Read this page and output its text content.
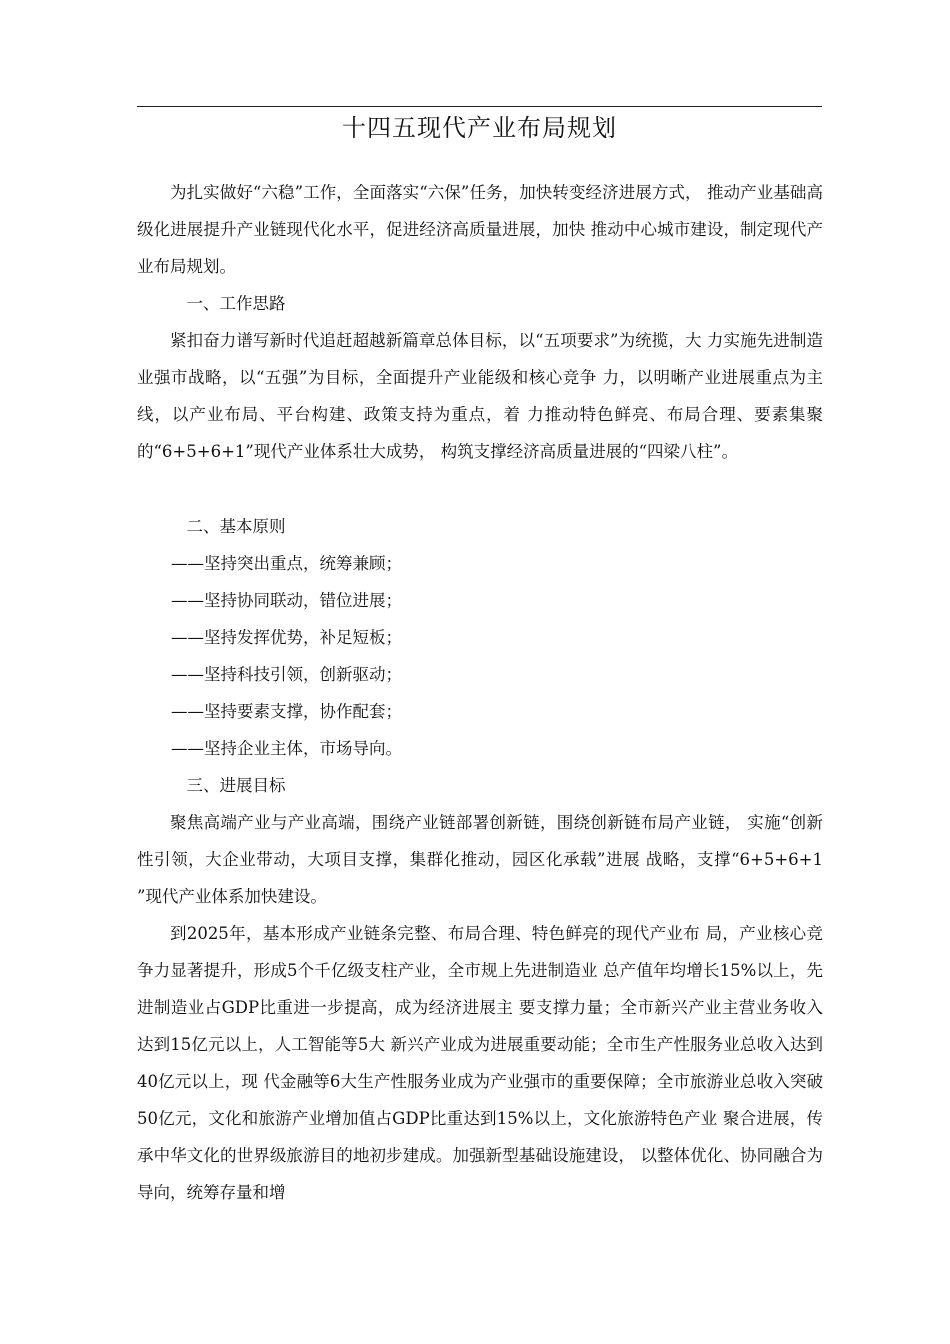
十四五现代产业布局规划

为扎实做好“六稳”工作，全面落实“六保”任务，加快转变经济进展方式， 推动产业基础高级化进展提升产业链现代化水平，促进经济高质量进展，加快 推动中心城市建设，制定现代产业布局规划。

一、工作思路

紧扣奋力谱写新时代追赶超越新篇章总体目标，以“五项要求”为统揽，大 力实施先进制造业强市战略，以“五强”为目标，全面提升产业能级和核心竞争 力，以明晰产业进展重点为主线，以产业布局、平台构建、政策支持为重点，着 力推动特色鲜亮、布局合理、要素集聚的“6+5+6+1”现代产业体系壮大成势， 构筑支撑经济高质量进展的“四梁八柱”。

二、基本原则

——坚持突出重点，统筹兼顾；
——坚持协同联动，错位进展；
——坚持发挥优势，补足短板；
——坚持科技引领，创新驱动；
——坚持要素支撑，协作配套；
——坚持企业主体，市场导向。

三、进展目标

聚焦高端产业与产业高端，围绕产业链部署创新链，围绕创新链布局产业链， 实施“创新性引领，大企业带动，大项目支撑，集群化推动，园区化承载”进展 战略，支撑“6+5+6+1 ”现代产业体系加快建设。

到2025年，基本形成产业链条完整、布局合理、特色鲜亮的现代产业布 局，产业核心竞争力显著提升，形成5个千亿级支柱产业，全市规上先进制造业 总产值年均增长15%以上，先进制造业占GDP比重进一步提高，成为经济进展主 要支撑力量；全市新兴产业主营业务收入达到15亿元以上，人工智能等5大 新兴产业成为进展重要动能；全市生产性服务业总收入达到40亿元以上，现 代金融等6大生产性服务业成为产业强市的重要保障；全市旅游业总收入突破 50亿元，文化和旅游产业增加值占GDP比重达到15%以上，文化旅游特色产业 聚合进展，传承中华文化的世界级旅游目的地初步建成。加强新型基础设施建设， 以整体优化、协同融合为导向，统筹存量和增
